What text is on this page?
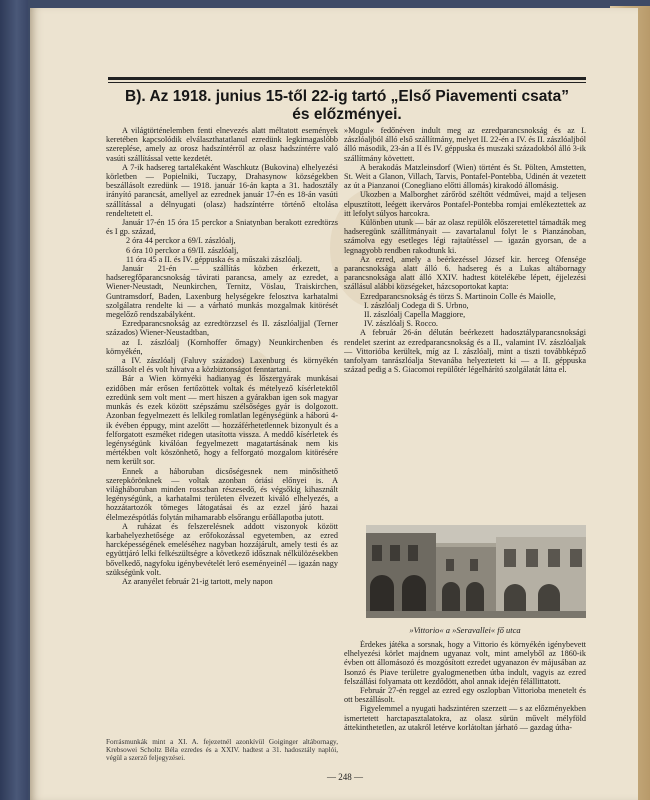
B). Az 1918. junius 15-től 22-ig tartó „Első Piavementi csata”
és előzményei.

A világtörténelemben fenti elnevezés alatt méltatott események keretében kapcsolódik elválaszthatatlanul ezredünk legkimagaslóbb szereplése, amely az orosz hadszíntérről az olasz hadszíntérre való vasúti szállítással vette kezdetét.

A 7-ik hadsereg tartalékaként Waschkutz (Bukovina) elhelyezési körletben — Popielniki, Tuczapy, Drahasynow községekben beszállásolt ezredünk — 1918. január 16-án kapta a 31. hadosztály irányító parancsát, amellyel az ezrednek január 17-én es 18-án vasúti szállítással a délnyugati (olasz) hadszíntérre történő eltolása rendeltetett el.

Január 17-én 15 óra 15 perckor a Sniatynban berakott ezredtörzs és I gp. század,

2 óra 44 perckor a 69/I. zászlóalj,

6 óra 10 perckor a 69/II. zászlóalj,

11 óra 45 a II. és IV. géppuska és a műszaki zászlóalj.

Január 21-én — szállítás közben érkezett, a hadseregfőparancsnokság távirati parancsa, amely az ezredet, a Wiener-Neustadt, Neunkirchen, Ternitz, Vöslau, Traiskirchen, Guntramsdorf, Baden, Laxenburg helységekre felosztva karhatalmi szolgálatra rendelte ki — a várható munkás mozgalmak kitörését megelőző rendszabályként.

Ezredparancsnokság az ezredtörzzsel és II. zászlóaljjal (Terner százados) Wiener-Neustadtban,

az I. zászlóalj (Kornhoffer őrnagy) Neunkirchenben és környékén,

a IV. zászlóalj (Faluvy százados) Laxenburg és környékén szállásolt el és volt hivatva a közbiztonságot fenntartani.

Bár a Wien környéki hadianyag és lőszergyárak munkásai ezidőben már erősen fertőzöttek voltak és mételyező kísérletektől ezredünk sem volt ment — mert hiszen a gyárakban igen sok magyar munkás és ezek között szépszámu szélsőséges gyár is dolgozott. Azonban fegyelmezett és lelkileg romlatlan legénységünk a háború 4-ik évében éppugy, mint azelőtt — hozzáférhetetlennek bizonyult és a felforgatott eszméket ridegen utasította vissza. A meddő kísérletek és legénységünk kiválóan fegyelmezett magatartásának nem kis mértékben volt köszönhető, hogy a felforgató mozgalom kitörésére nem került sor.

Ennek a háboruban dicsőségesnek nem minősíthető szerepkörönknek — voltak azonban óriási előnyei is. A világháboruban minden rosszban részesedő, és végsőkig kihasznált legénységünk, a karhatalmi területen élvezett kiváló elhelyezés, a hozzátartozók tömeges látogatásai és az ezzel járó hazai élelmezéspótlás folytán mihamarabb elsőrangu erőállapotba jutott.

A ruházat és felszerelésnek addott viszonyok között karbahelyezhetősége az erőfokozással egyetemben, az ezred harcképességének emeléséhez nagyban hozzájárult, amely testi és az együttjáró lelki felkészültségre a következő idősznak nélkülözésekben bővelkedő, nagyfoku igénybevételét leró eseményeinél — igazán nagy szükségünk volt.

Az aranyélet február 21-ig tartott, mely napon

Forrásmunkák mint a XI. A. fejezetnél azonkívül Goiginger altábornagy, Krebsowei Scholtz Béla ezredes és a XXIV. hadtest a 31. hadosztály naplói, végül a szerző feljegyzései.

»Mogul« fedőnéven indult meg az ezredparancsnokság és az I. zászlóaljból álló első szállítmány, melyet II. 22-én a IV. és II. zászlóaljból álló második, 23-án a II és IV. géppuska és muszaki századokból álló 3-ik szállítmány követtett.

A berakodás Matzleinsdorf (Wien) történt és St. Pölten, Amstetten, St. Weit a Glanon, Villach, Tarvis, Pontafel-Pontebba, Udinén át vezetett az út a Pianzanoi (Conegliano előtti állomás) kirakodó állomásig.

Ukozben a Malborghet zárőröd széltőtt védművei, majd a teljesen elpusztított, leégett ikerváros Pontafel-Pontebba romjai emlékeztettek az itt lefolyt súlyos harcokra.

Különben utunk — bár az olasz repülők előszeretettel támadták meg hadseregünk szállítmányait — zavartalanul folyt le s Pianzánoban, számolva egy esetleges légi rajtaütéssel — igazán gyorsan, de a legnagyobb rendben rakodtunk ki.

Az ezred, amely a beérkezéssel József kir. herceg Ofensége parancsnoksága alatt álló 6. hadsereg és a Lukas altábornagy parancsnoksága alatt álló XXIV. hadtest kötelékébe lépett, éjjelezési szállásul alábbi községeket, házcsoportokat kapta:

Ezredparancsnokság és törzs S. Martinoin Colle és Maiolle,

I. zászlóalj Codega di S. Urbno,

II. zászlóalj Capella Maggiore,

IV. zászlóalj S. Rocco.

A február 26-án délután beérkezett hadosztályparancsnoksági rendelet szerint az ezredparancsnokság és a II., valamint IV. zászlóaljak — Vittorióba kerültek, míg az I. zászlóalj, mint a tiszti továbbképző tanfolyam tanrászlóalja Stevanába helyeztetett ki — a II. géppuska század pedig a S. Giacomoi repülőtér légelhárító szolgálatát látta el.

»Vittorio« a »Seravallei« fő utca

Érdekes játéka a sorsnak, hogy a Vittorio és környékén igénybevett elhelyezési körlet majdnem ugyanaz volt, mint amelyből az 1860-ik évben ott állomásozó és mozgósított ezredet ugyanazon év májusában az Isonzó és Piave területre gyalogmenetben útba indult, vagyis az ezred felszállási folyamata ott kezdődött, ahol annak idején félállittatott.

Február 27-én reggel az ezred egy oszlopban Vittorioba menetelt és ott beszállásolt.

Figyelemmel a nyugati hadszintéren szerzett — s az előzményekben ismertetett harctapasztalatokra, az olasz sürün művelt mélyföld áttekinthetetlen, az utakról letérve korlátoltan járható — gazdag útha-

— 248 —
